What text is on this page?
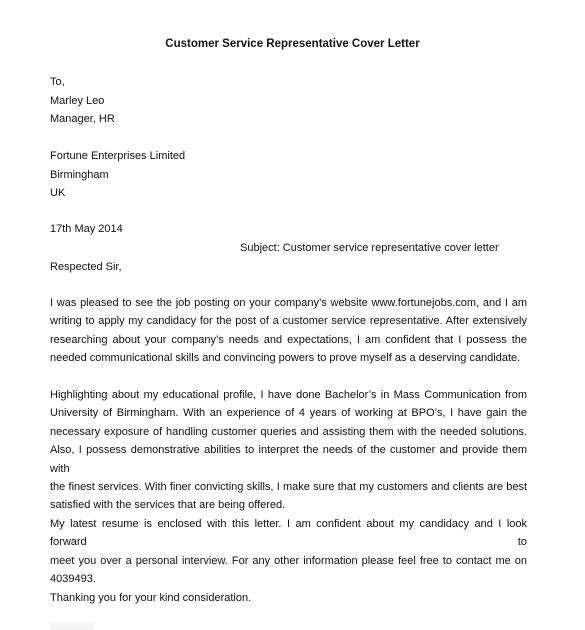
Customer Service Representative Cover Letter
To,
Marley Leo
Manager, HR
Fortune Enterprises Limited
Birmingham
UK
17th May 2014
Subject: Customer service representative cover letter
Respected Sir,
I was pleased to see the job posting on your company’s website www.fortunejobs.com, and I am
writing to apply my candidacy for the post of a customer service representative. After extensively
researching about your company’s needs and expectations, I am confident that I possess the
needed communicational skills and convincing powers to prove myself as a deserving candidate.
Highlighting about my educational profile, I have done Bachelor’s in Mass Communication from
University of Birmingham. With an experience of 4 years of working at BPO’s, I have gain the
necessary exposure of handling customer queries and assisting them with the needed solutions.
Also, I possess demonstrative abilities to interpret the needs of the customer and provide them with
the finest services. With finer convicting skills, I make sure that my customers and clients are best
satisfied with the services that are being offered.
My latest resume is enclosed with this letter. I am confident about my candidacy and I look forward to
meet you over a personal interview. For any other information please feel free to contact me on
4039493.
Thanking you for your kind consideration.
